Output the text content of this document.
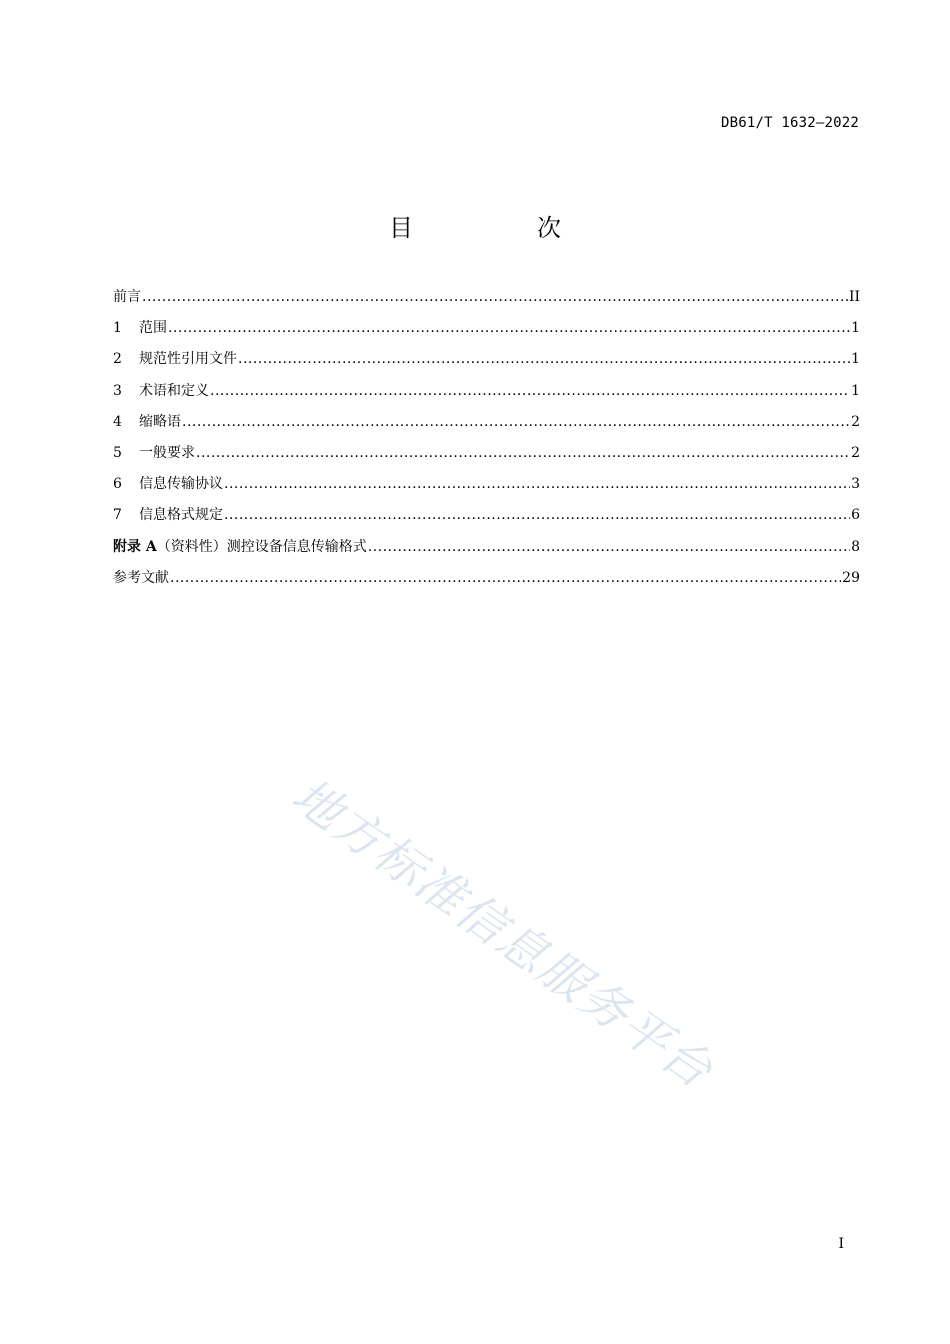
DB61/T 1632—2022
目　次
前言 .....	II
1	范围 .....	1
2	规范性引用文件 .....	1
3	术语和定义 .....	1
4	缩略语 .....	2
5	一般要求 .....	2
6	信息传输协议 .....	3
7	信息格式规定 .....	6
附录 A（资料性）测控设备信息传输格式 .....	8
参考文献 .....	29
地方标准信息服务平台
I
